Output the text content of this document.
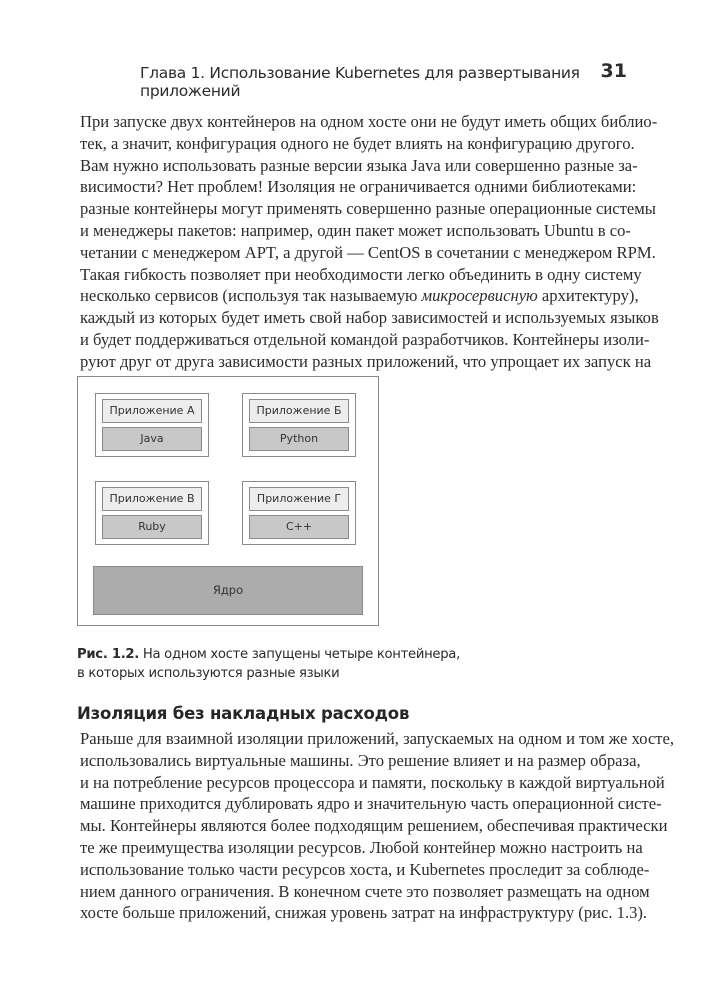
Глава 1. Использование Kubernetes для развертывания приложений
31
При запуске двух контейнеров на одном хосте они не будут иметь общих библио-
тек, а значит, конфигурация одного не будет влиять на конфигурацию другого.
Вам нужно использовать разные версии языка Java или совершенно разные за-
висимости? Нет проблем! Изоляция не ограничивается одними библиотеками:
разные контейнеры могут применять совершенно разные операционные системы
и менеджеры пакетов: например, один пакет может использовать Ubuntu в со-
четании с менеджером APT, а другой — CentOS в сочетании с менеджером RPM.
Такая гибкость позволяет при необходимости легко объединить в одну систему
несколько сервисов (используя так называемую микросервисную архитектуру),
каждый из которых будет иметь свой набор зависимостей и используемых языков
и будет поддерживаться отдельной командой разработчиков. Контейнеры изоли-
руют друг от друга зависимости разных приложений, что упрощает их запуск на
Приложение А
Java
Приложение Б
Python
Приложение В
Ruby
Приложение Г
C++
Ядро
Рис. 1.2. На одном хосте запущены четыре контейнера,
в которых используются разные языки
Изоляция без накладных расходов
Раньше для взаимной изоляции приложений, запускаемых на одном и том же хосте,
использовались виртуальные машины. Это решение влияет и на размер образа,
и на потребление ресурсов процессора и памяти, поскольку в каждой виртуальной
машине приходится дублировать ядро и значительную часть операционной систе-
мы. Контейнеры являются более подходящим решением, обеспечивая практически
те же преимущества изоляции ресурсов. Любой контейнер можно настроить на
использование только части ресурсов хоста, и Kubernetes проследит за соблюде-
нием данного ограничения. В конечном счете это позволяет размещать на одном
хосте больше приложений, снижая уровень затрат на инфраструктуру (рис. 1.3).
